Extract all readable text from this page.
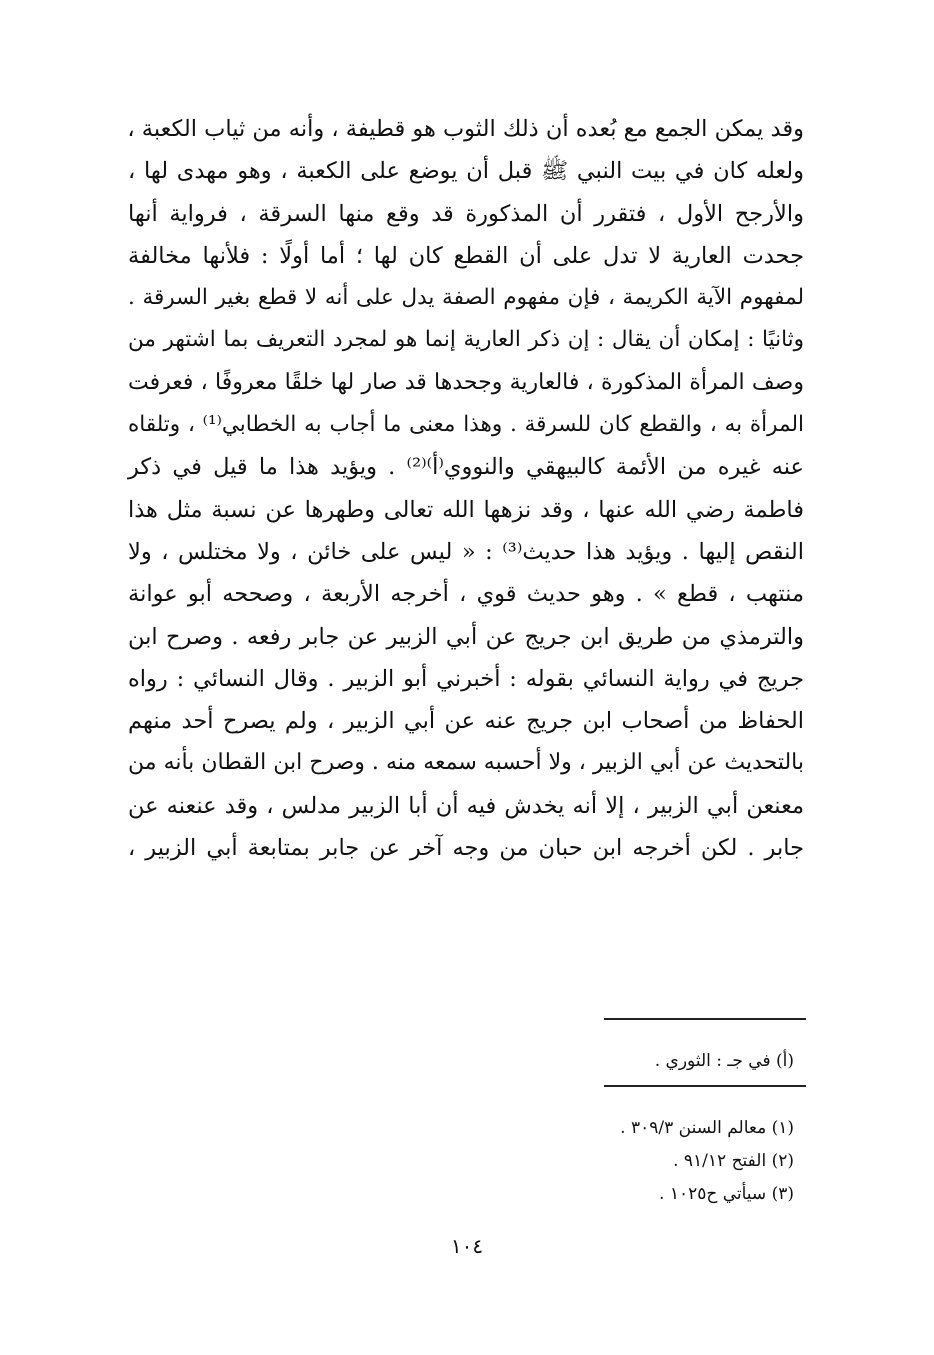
وقد يمكن الجمع مع بُعده أن ذلك الثوب هو قطيفة ، وأنه من ثياب الكعبة ،
ولعله كان في بيت النبي ﷺ قبل أن يوضع على الكعبة ، وهو مهدى لها ،
والأرجح الأول ، فتقرر أن المذكورة قد وقع منها السرقة ، فرواية أنها
جحدت العارية لا تدل على أن القطع كان لها ؛ أما أولًا : فلأنها مخالفة
لمفهوم الآية الكريمة ، فإن مفهوم الصفة يدل على أنه لا قطع بغير السرقة .
وثانيًا : إمكان أن يقال : إن ذكر العارية إنما هو لمجرد التعريف بما اشتهر من
وصف المرأة المذكورة ، فالعارية وجحدها قد صار لها خلقًا معروفًا ، فعرفت
المرأة به ، والقطع كان للسرقة . وهذا معنى ما أجاب به الخطابي⁽¹⁾ ، وتلقاه
عنه غيره من الأئمة كالبيهقي والنووي⁽أ⁾⁽²⁾ . ويؤيد هذا ما قيل في ذكر
فاطمة رضي الله عنها ، وقد نزهها الله تعالى وطهرها عن نسبة مثل هذا
النقص إليها . ويؤيد هذا حديث⁽³⁾ : « ليس على خائن ، ولا مختلس ، ولا
منتهب ، قطع » . وهو حديث قوي ، أخرجه الأربعة ، وصححه أبو عوانة
والترمذي من طريق ابن جريج عن أبي الزبير عن جابر رفعه . وصرح ابن
جريج في رواية النسائي بقوله : أخبرني أبو الزبير . وقال النسائي : رواه
الحفاظ من أصحاب ابن جريج عنه عن أبي الزبير ، ولم يصرح أحد منهم
بالتحديث عن أبي الزبير ، ولا أحسبه سمعه منه . وصرح ابن القطان بأنه من
معنعن أبي الزبير ، إلا أنه يخدش فيه أن أبا الزبير مدلس ، وقد عنعنه عن
جابر . لكن أخرجه ابن حبان من وجه آخر عن جابر بمتابعة أبي الزبير ،
(أ) في جـ : الثوري .
(١) معالم السنن ٣٠٩/٣ .
(٢) الفتح ٩١/١٢ .
(٣) سيأتي ح١٠٢٥ .
١٠٤
